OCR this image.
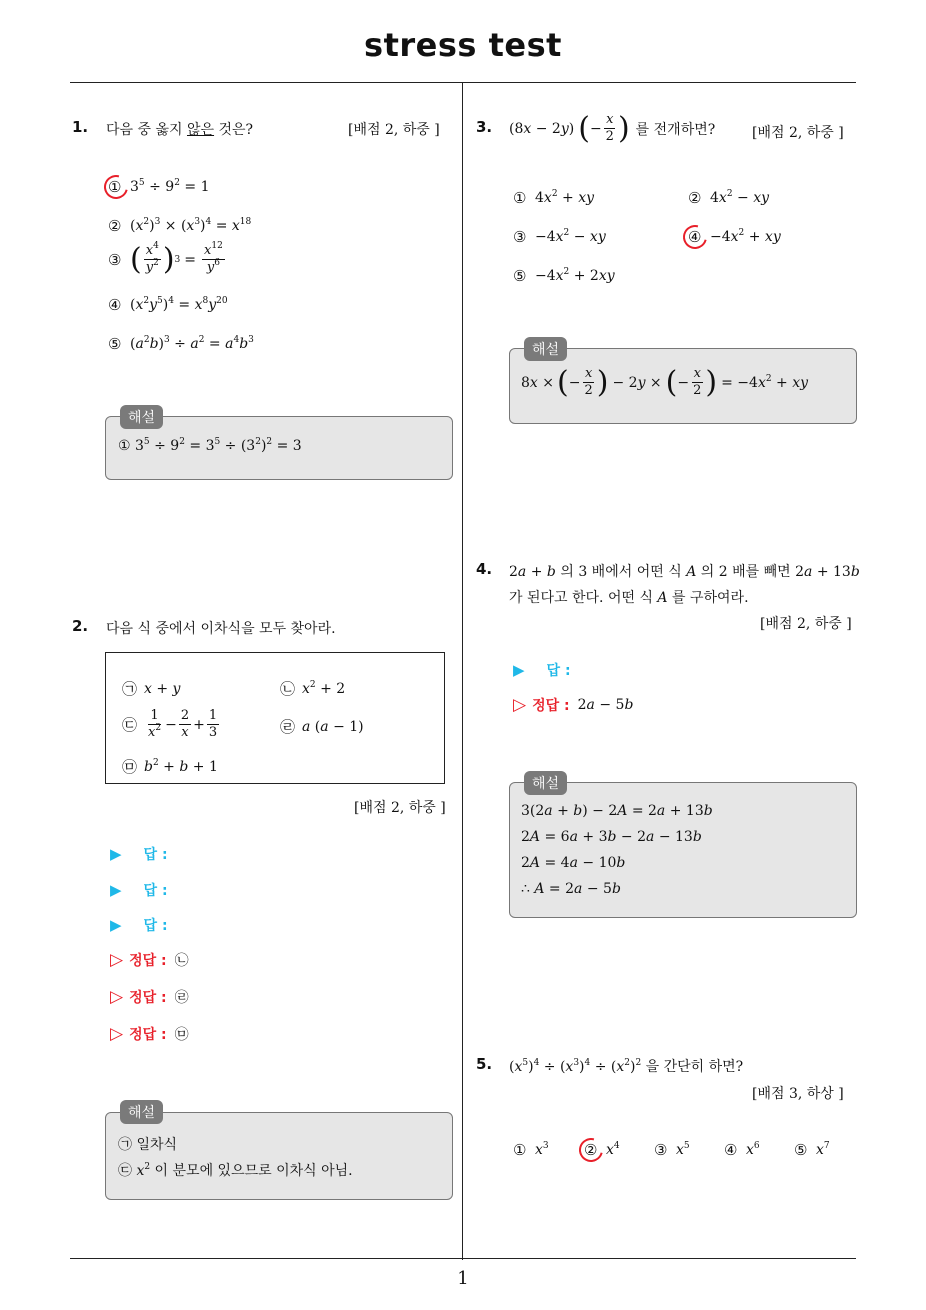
stress test
1
1. 다음 중 옳지 않은 것은?	[배점 2, 하중 ]
① $3^5 \div 9^2 = 1$
② $(x^2)^3 \times (x^3)^4 = x^{18}$
③ ( $\frac{x^4}{y^2}$ ) $3 = \frac{x^{12}}{y^6}$
④ $(x^2y^5)^4 = x^8y^{20}$
⑤ $(a^2b)^3 \div a^2 = a^4b^3$
해설
① $3^5 \div 9^2 = 3^5 \div (3^2)^2 = 3$
2. 다음 식 중에서 이차식을 모두 찾아라.
㉠ x + y	㉡ $x^2 + 2$
㉢ $\frac{1}{x^2} - \frac{2}{x} + \frac{1}{3}$	㉣ a (a − 1)
㉤ $b^2 + b + 1$
[배점 2, 하중 ]
▶ 답 :
▶ 답 :
▶ 답 :
▷ 정답 : ㉡
▷ 정답 : ㉣
▷ 정답 : ㉤
해설
㉠ 일차식
㉢ $x^2$ 이 분모에 있으므로 이차식 아님.
3. (8x − 2y) ( − $\frac{x}{2}$ ) 를 전개하면?	[배점 2, 하중 ]
① $4x^2$ + xy	② $4x^2$ − xy
③ $-4x^2$ − xy	④ $-4x^2$ + xy
⑤ $-4x^2 + 2xy$
해설
8x × ( − $\frac{x}{2}$ ) − 2y × ( − $\frac{x}{2}$ ) = $-4x^2$ + xy
4. 2a + b 의 3 배에서 어떤 식 A 의 2 배를 빼면 2a + 13b
가 된다고 한다. 어떤 식 A 를 구하여라.
[배점 2, 하중 ]
▶ 답 :
▷ 정답 : 2a − 5b
해설
3(2a + b) − 2A = 2a + 13b
2A = 6a + 3b − 2a − 13b
2A = 4a − 10b
∴ A = 2a − 5b
5. $(x^5)^4 \div (x^3)^4 \div (x^2)^2$ 을 간단히 하면?
[배점 3, 하상 ]
① $x^3$ ② $x^4$ ③ $x^5$ ④ $x^6$ ⑤ $x^7$
